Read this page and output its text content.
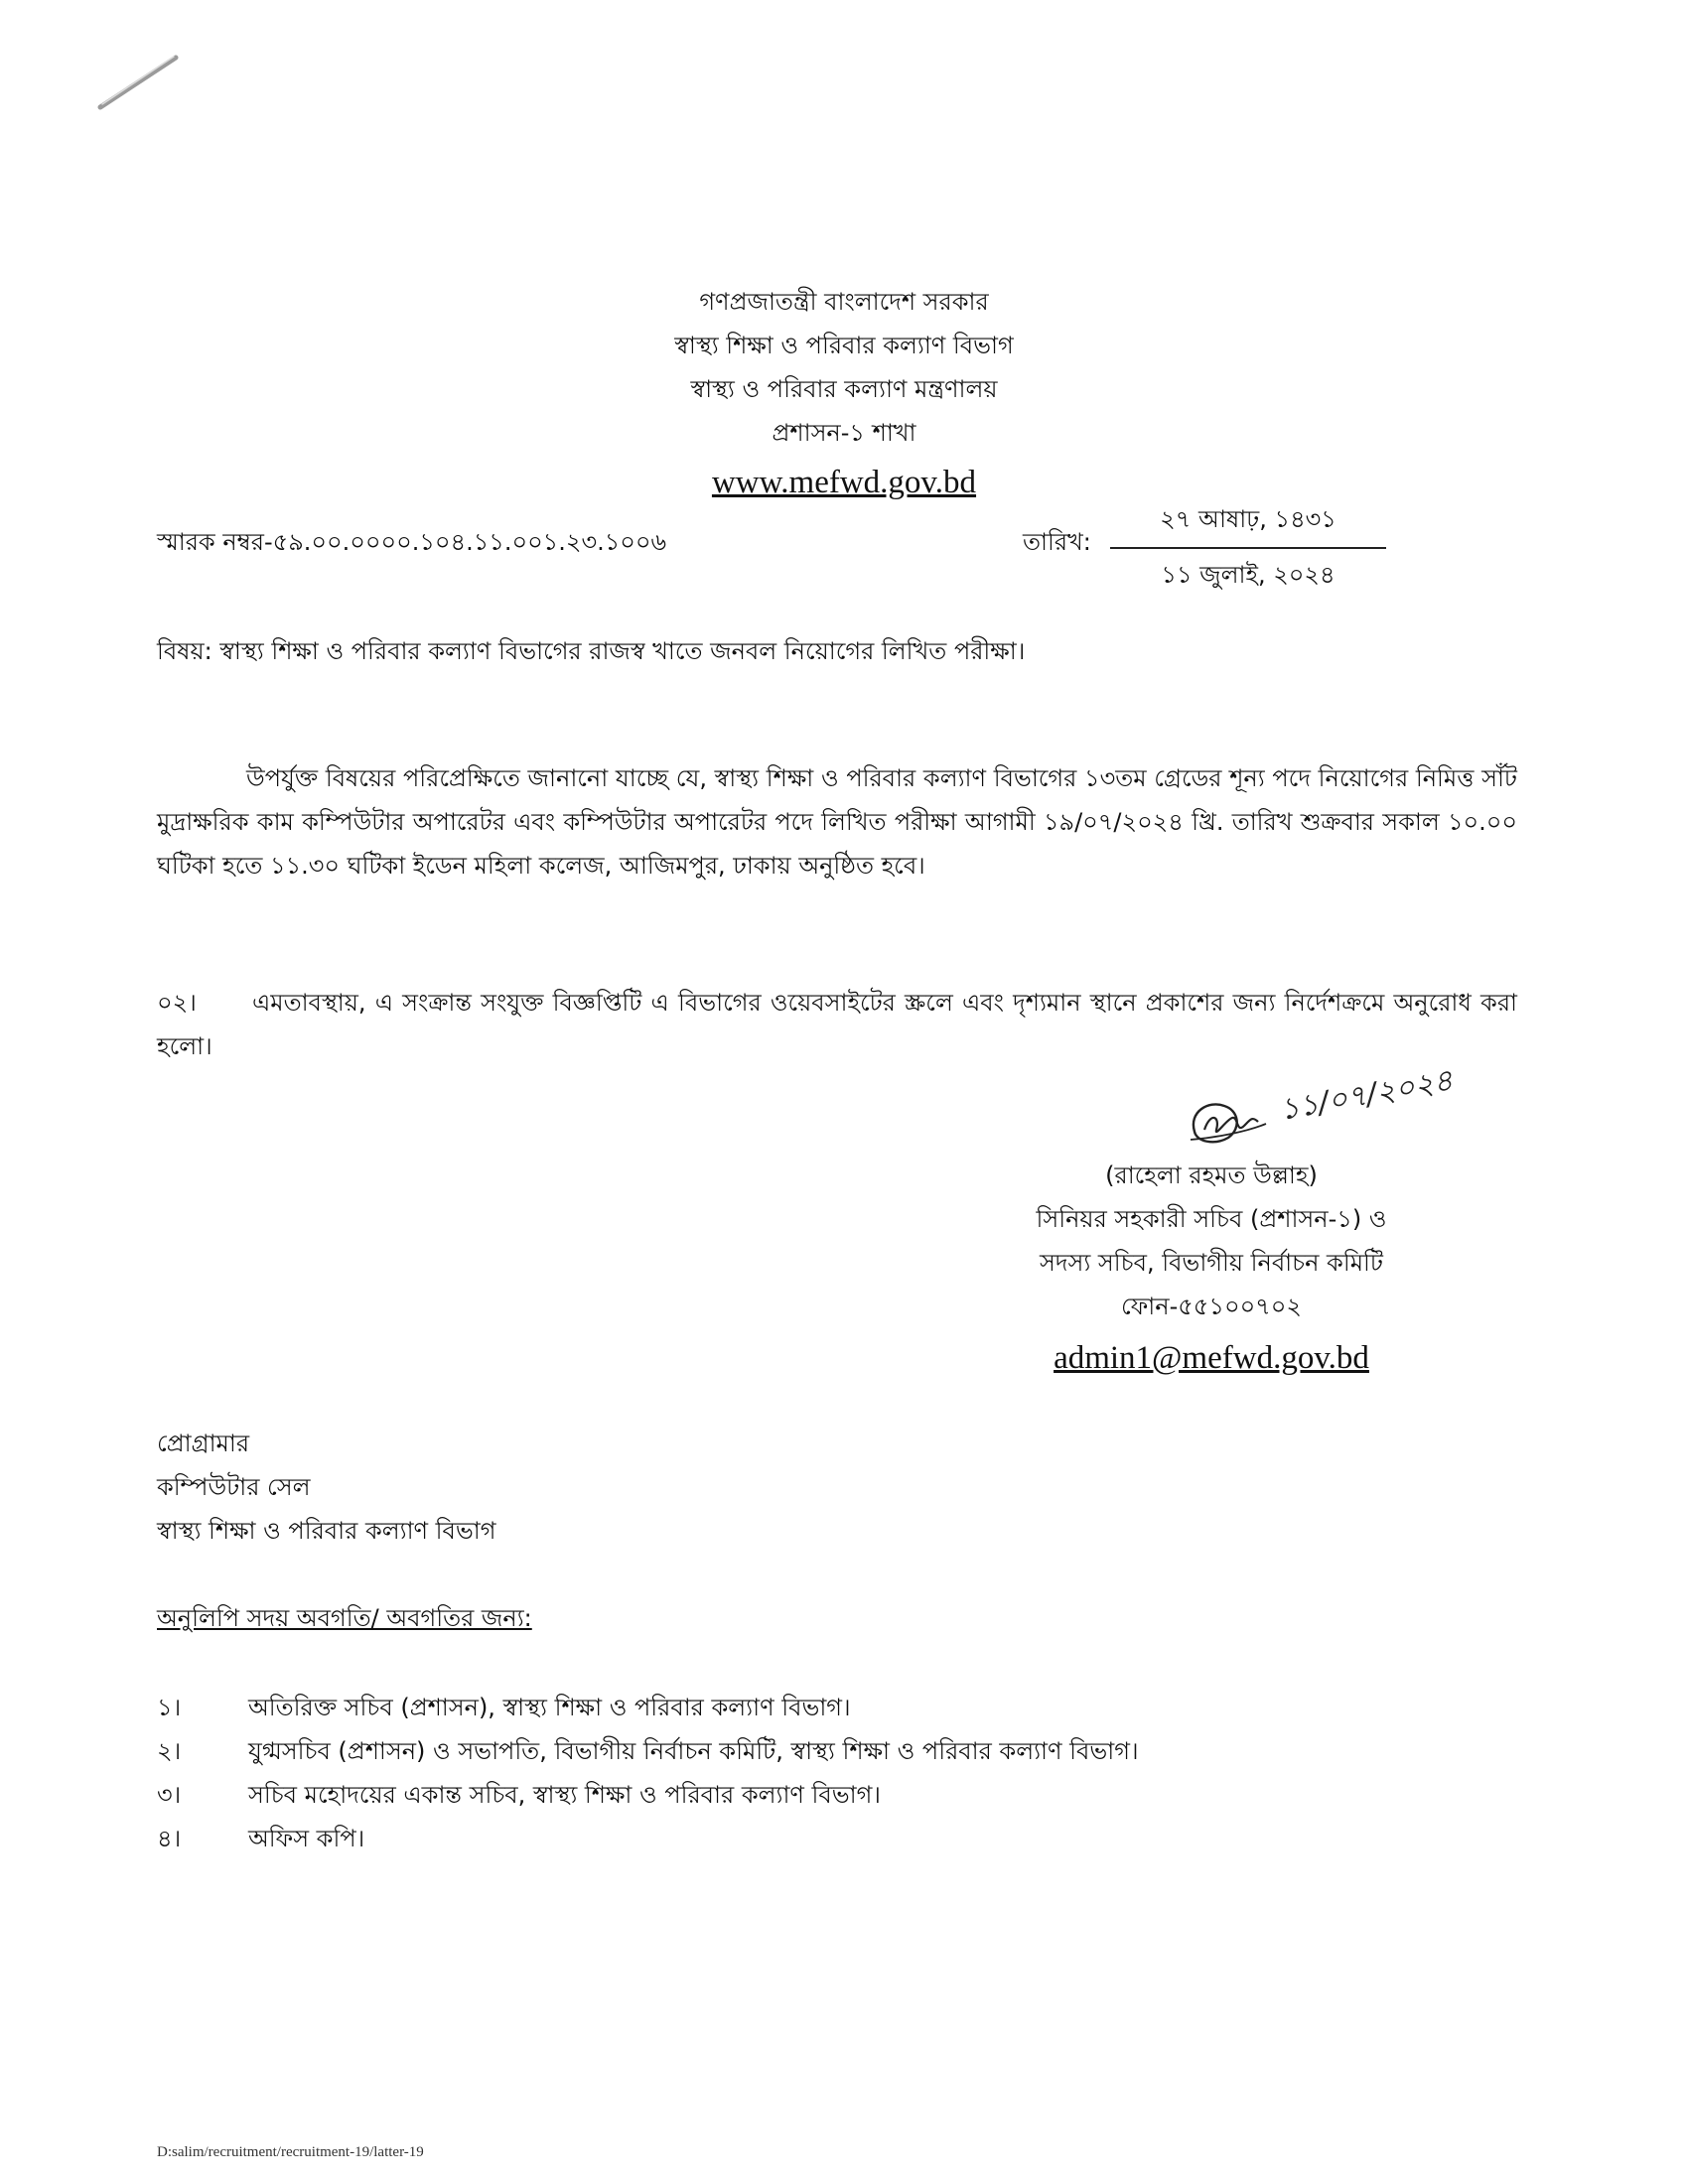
গণপ্রজাতন্ত্রী বাংলাদেশ সরকার
স্বাস্থ্য শিক্ষা ও পরিবার কল্যাণ বিভাগ
স্বাস্থ্য ও পরিবার কল্যাণ মন্ত্রণালয়
প্রশাসন-১ শাখা
www.mefwd.gov.bd
স্মারক নম্বর-৫৯.০০.০০০০.১০৪.১১.০০১.২৩.১০০৬	তারিখ:
২৭ আষাঢ়, ১৪৩১
১১ জুলাই, ২০২৪
বিষয়: স্বাস্থ্য শিক্ষা ও পরিবার কল্যাণ বিভাগের রাজস্ব খাতে জনবল নিয়োগের লিখিত পরীক্ষা।
উপর্যুক্ত বিষয়ের পরিপ্রেক্ষিতে জানানো যাচ্ছে যে, স্বাস্থ্য শিক্ষা ও পরিবার কল্যাণ বিভাগের ১৩তম গ্রেডের শূন্য পদে নিয়োগের নিমিত্ত সাঁট মুদ্রাক্ষরিক কাম কম্পিউটার অপারেটর এবং কম্পিউটার অপারেটর পদে লিখিত পরীক্ষা আগামী ১৯/০৭/২০২৪ খ্রি. তারিখ শুক্রবার সকাল ১০.০০ ঘটিকা হতে ১১.৩০ ঘটিকা ইডেন মহিলা কলেজ, আজিমপুর, ঢাকায় অনুষ্ঠিত হবে।
০২। এমতাবস্থায়, এ সংক্রান্ত সংযুক্ত বিজ্ঞপ্তিটি এ বিভাগের ওয়েবসাইটের স্ক্রলে এবং দৃশ্যমান স্থানে প্রকাশের জন্য নির্দেশক্রমে অনুরোধ করা হলো।
১১/০৭/২০২৪
(রাহেলা রহমত উল্লাহ)
সিনিয়র সহকারী সচিব (প্রশাসন-১) ও
সদস্য সচিব, বিভাগীয় নির্বাচন কমিটি
ফোন-৫৫১০০৭০২
admin1@mefwd.gov.bd
প্রোগ্রামার
কম্পিউটার সেল
স্বাস্থ্য শিক্ষা ও পরিবার কল্যাণ বিভাগ
অনুলিপি সদয় অবগতি/ অবগতির জন্য:
১।	অতিরিক্ত সচিব (প্রশাসন), স্বাস্থ্য শিক্ষা ও পরিবার কল্যাণ বিভাগ।
২।	যুগ্মসচিব (প্রশাসন) ও সভাপতি, বিভাগীয় নির্বাচন কমিটি, স্বাস্থ্য শিক্ষা ও পরিবার কল্যাণ বিভাগ।
৩।	সচিব মহোদয়ের একান্ত সচিব, স্বাস্থ্য শিক্ষা ও পরিবার কল্যাণ বিভাগ।
৪।	অফিস কপি।
D:salim/recruitment/recruitment-19/latter-19
